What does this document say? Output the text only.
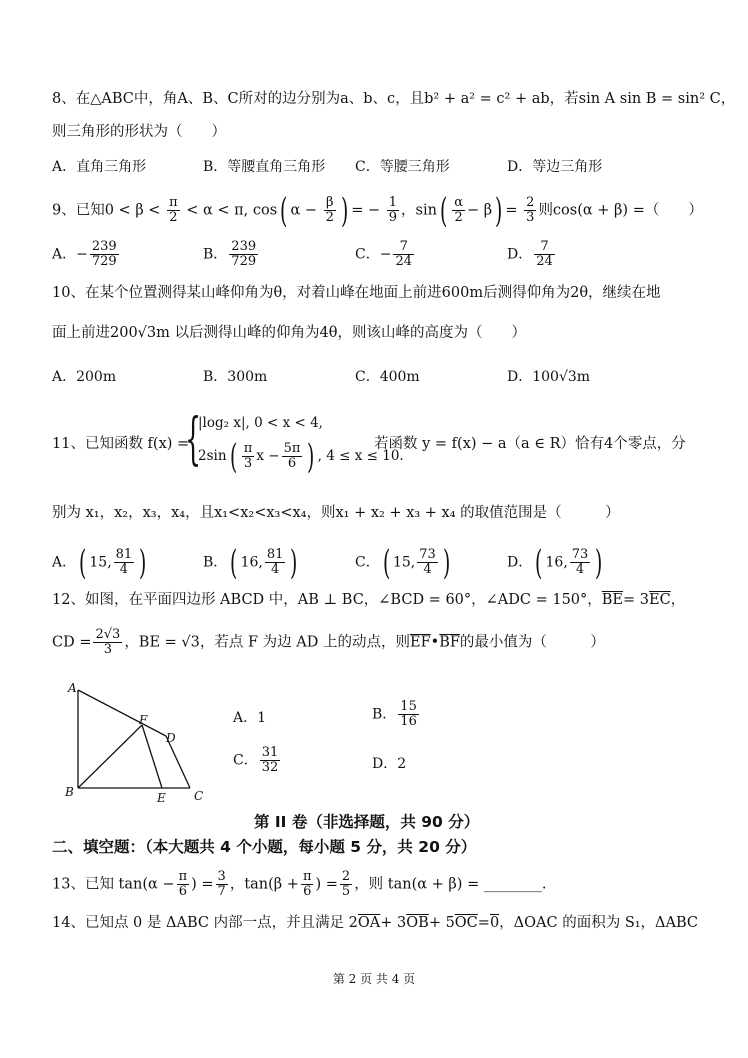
8、在△ABC中，角A、B、C所对的边分别为a、b、c，且b² + a² = c² + ab，若sin A sin B = sin² C，
则三角形的形状为（　　）
A．直角三角形	B．等腰直角三角形 C．等腰三角形	D．等边三角形
9、已知$0 < \beta < \frac{\pi}{2} < \alpha < \pi$, cos( $\alpha - \frac{\beta}{2}$ ) = − $\frac{1}{9}$ ，$\sin( \frac{\alpha}{2} - \beta) = \frac{2}{3}$ 则cos(α + β) =（　　）
A．− $\frac{239}{729}$	B． $\frac{239}{729}$	C．− $\frac{7}{24}$	D． $\frac{7}{24}$
10、在某个位置测得某山峰仰角为θ，对着山峰在地面上前进600m后测得仰角为2θ，继续在地
面上前进200√3m 以后测得山峰的仰角为4θ，则该山峰的高度为（　　）
A．200m	B．300m	C．400m	D．100√3m
11、已知函数 f(x) =
{
|log₂ x|, 0 < x < 4,
$2\sin( \frac{\pi}{3}$ $x - \frac{5\pi}{6}$ ) , 4 ≤ x ≤ 10.
若函数 y = f(x) − a（a ∈ R）恰有4个零点，分
别为 x₁，x₂，x₃，x₄，且x₁<x₂<x₃<x₄，则x₁ + x₂ + x₃ + x₄ 的取值范围是（　　　）
A．( 15, $\frac{81}{4}$ )	B．( 16, $\frac{81}{4}$ )	C．( 15, $\frac{73}{4}$ )	D．( 16, $\frac{73}{4}$ )
12、如图，在平面四边形 ABCD 中，AB ⊥ BC，∠BCD = 60°，∠ADC = 150°，$\overline{BE}= 3\overline{EC}$，
CD = $\frac{2√3}{3}$ ，BE = √3，若点 F 为边 AD 上的动点，则$\overline{EF}•\overline{BF}$的最小值为（　　　）
A
B	C
D
E
F	A．1	B． $\frac{15}{16}$
C． $\frac{31}{32}$	D．2
第 II 卷（非选择题，共 90 分）
二、填空题：（本大题共 4 个小题，每小题 5 分，共 20 分）
13、已知 $\tan(\alpha - \frac{\pi}{6}$ ) = $\frac{3}{7}$ ，$\tan(\beta + \frac{\pi}{6}$ ) = $\frac{2}{5}$ ，则 tan(α + β) = ________.
14、已知点 0 是 ΔABC 内部一点，并且满足 $2\overline{OA}+ 3\overline{OB}+ 5\overline{OC}=0$，ΔOAC 的面积为 S₁，ΔABC
第 2 页 共 4 页
